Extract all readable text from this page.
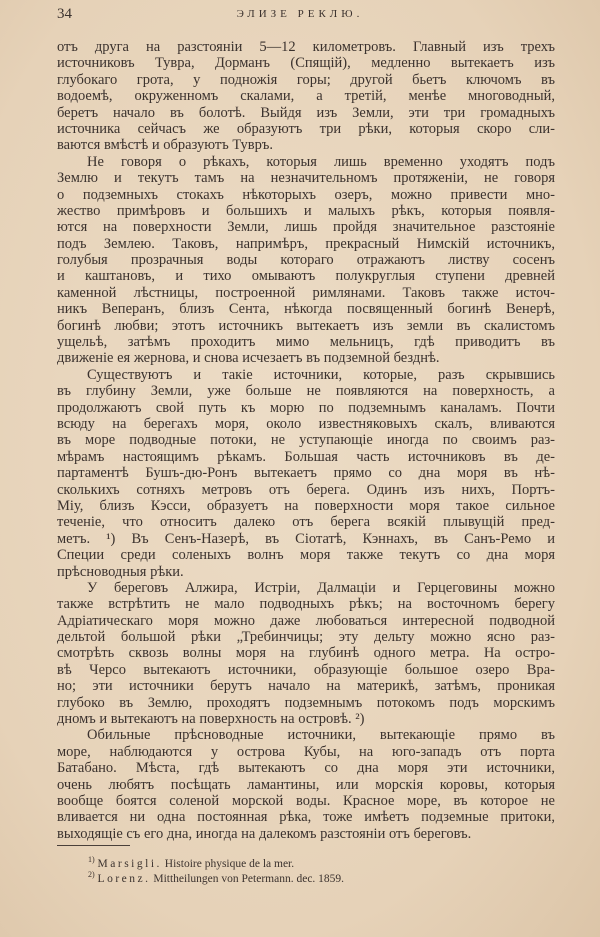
34	ЭЛИЗЕ РЕКЛЮ.
отъ друга на разстояніи 5—12 километровъ. Главный изъ трехъ
источниковъ Тувра, Дорманъ (Спящій), медленно вытекаетъ изъ
глубокаго грота, у подножія горы; другой бьетъ ключомъ въ
водоемѣ, окруженномъ скалами, а третій, менѣе многоводный,
беретъ начало въ болотѣ. Выйдя изъ Земли, эти три громадныхъ
источника сейчасъ же образуютъ три рѣки, которыя скоро сли-
ваются вмѣстѣ и образуютъ Тувръ.
Не говоря о рѣкахъ, которыя лишь временно уходятъ подъ
Землю и текутъ тамъ на незначительномъ протяженіи, не говоря
о подземныхъ стокахъ нѣкоторыхъ озеръ, можно привести мно-
жество примѣровъ и большихъ и малыхъ рѣкъ, которыя появля-
ются на поверхности Земли, лишь пройдя значительное разстояніе
подъ Землею. Таковъ, напримѣръ, прекрасный Нимскій источникъ,
голубыя прозрачныя воды котораго отражаютъ листву сосенъ
и каштановъ, и тихо омываютъ полукруглыя ступени древней
каменной лѣстницы, построенной римлянами. Таковъ также источ-
никъ Веперанъ, близъ Сента, нѣкогда посвященный богинѣ Венерѣ,
богинѣ любви; этотъ источникъ вытекаетъ изъ земли въ скалистомъ
ущельѣ, затѣмъ проходитъ мимо мельницъ, гдѣ приводитъ въ
движеніе ея жернова, и снова исчезаетъ въ подземной безднѣ.
Существуютъ и такіе источники, которые, разъ скрывшись
въ глубину Земли, уже больше не появляются на поверхность, а
продолжаютъ свой путь къ морю по подземнымъ каналамъ. Почти
всюду на берегахъ моря, около известняковыхъ скалъ, вливаются
въ море подводные потоки, не уступающіе иногда по своимъ раз-
мѣрамъ настоящимъ рѣкамъ. Большая часть источниковъ въ де-
партаментѣ Бушъ-дю-Ронъ вытекаетъ прямо со дна моря въ нѣ-
сколькихъ сотняхъ метровъ отъ берега. Одинъ изъ нихъ, Портъ-
Міу, близъ Кэсси, образуетъ на поверхности моря такое сильное
теченіе, что относитъ далеко отъ берега всякій плывущій пред-
метъ. ¹) Въ Сенъ-Назерѣ, въ Сіотатѣ, Кэннахъ, въ Санъ-Ремо и
Специи среди соленыхъ волнъ моря также текутъ со дна моря
прѣсноводныя рѣки.
У береговъ Алжира, Истріи, Далмаціи и Герцеговины можно
также встрѣтить не мало подводныхъ рѣкъ; на восточномъ берегу
Адріатическаго моря можно даже любоваться интересной подводной
дельтой большой рѣки „Требинчицы; эту дельту можно ясно раз-
смотрѣть сквозь волны моря на глубинѣ одного метра. На остро-
вѣ Черсо вытекаютъ источники, образующіе большое озеро Вра-
но; эти источники берутъ начало на материкѣ, затѣмъ, проникая
глубоко въ Землю, проходятъ подземнымъ потокомъ подъ морскимъ
дномъ и вытекаютъ на поверхность на островѣ. ²)
Обильные прѣсноводные источники, вытекающіе прямо въ
море, наблюдаются у острова Кубы, на юго-западъ отъ порта
Батабано. Мѣста, гдѣ вытекаютъ со дна моря эти источники,
очень любятъ посѣщать ламантины, или морскія коровы, которыя
вообще боятся соленой морской воды. Красное море, въ которое не
вливается ни одна постоянная рѣка, тоже имѣетъ подземные притоки,
выходящіе съ его дна, иногда на далекомъ разстояніи отъ береговъ.
$^{1)}$ Marsigli. Histoire physique de la mer.
$^{2)}$ Lorenz. Mittheilungen von Petermann. dec. 1859.
